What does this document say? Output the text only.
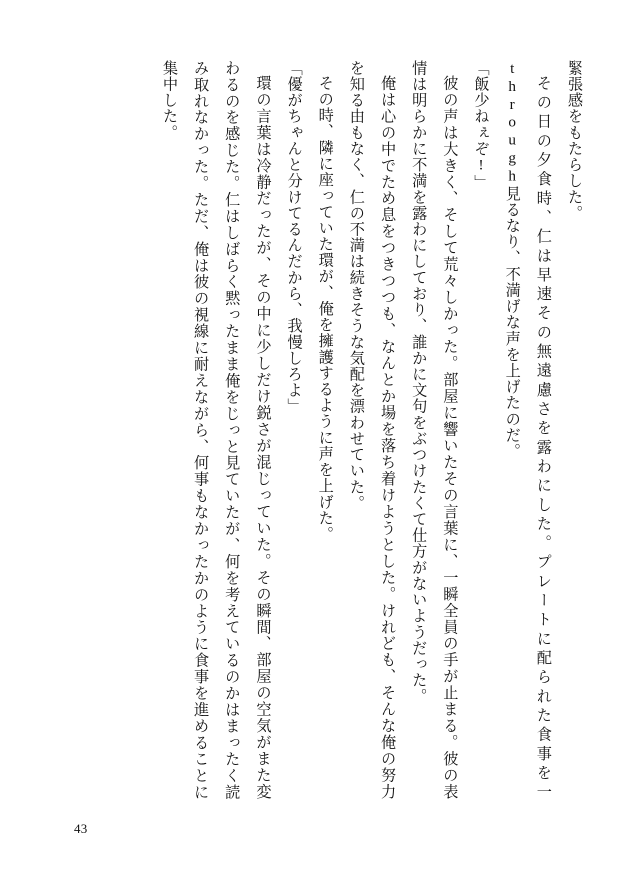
緊張感をもたらした。
その日の夕食時、仁は早速その無遠慮さを露わにした。プレートに配られた食事を一through見るなり、不満げな声を上げたのだ。
「飯少ねぇぞ!」
彼の声は大きく、そして荒々しかった。部屋に響いたその言葉に、一瞬全員の手が止まる。彼の表情は明らかに不満を露わにしており、誰かに文句をぶつけたくて仕方がないようだった。
俺は心の中でため息をつきつつも、なんとか場を落ち着けようとした。けれども、そんな俺の努力を知る由もなく、仁の不満は続きそうな気配を漂わせていた。
その時、隣に座っていた環が、俺を擁護するように声を上げた。
「優がちゃんと分けてるんだから、我慢しろよ」
環の言葉は冷静だったが、その中に少しだけ鋭さが混じっていた。その瞬間、部屋の空気がまた変わるのを感じた。仁はしばらく黙ったまま俺をじっと見ていたが、何を考えているのかはまったく読み取れなかった。ただ、俺は彼の視線に耐えながら、何事もなかったかのように食事を進めることに集中した。
43
